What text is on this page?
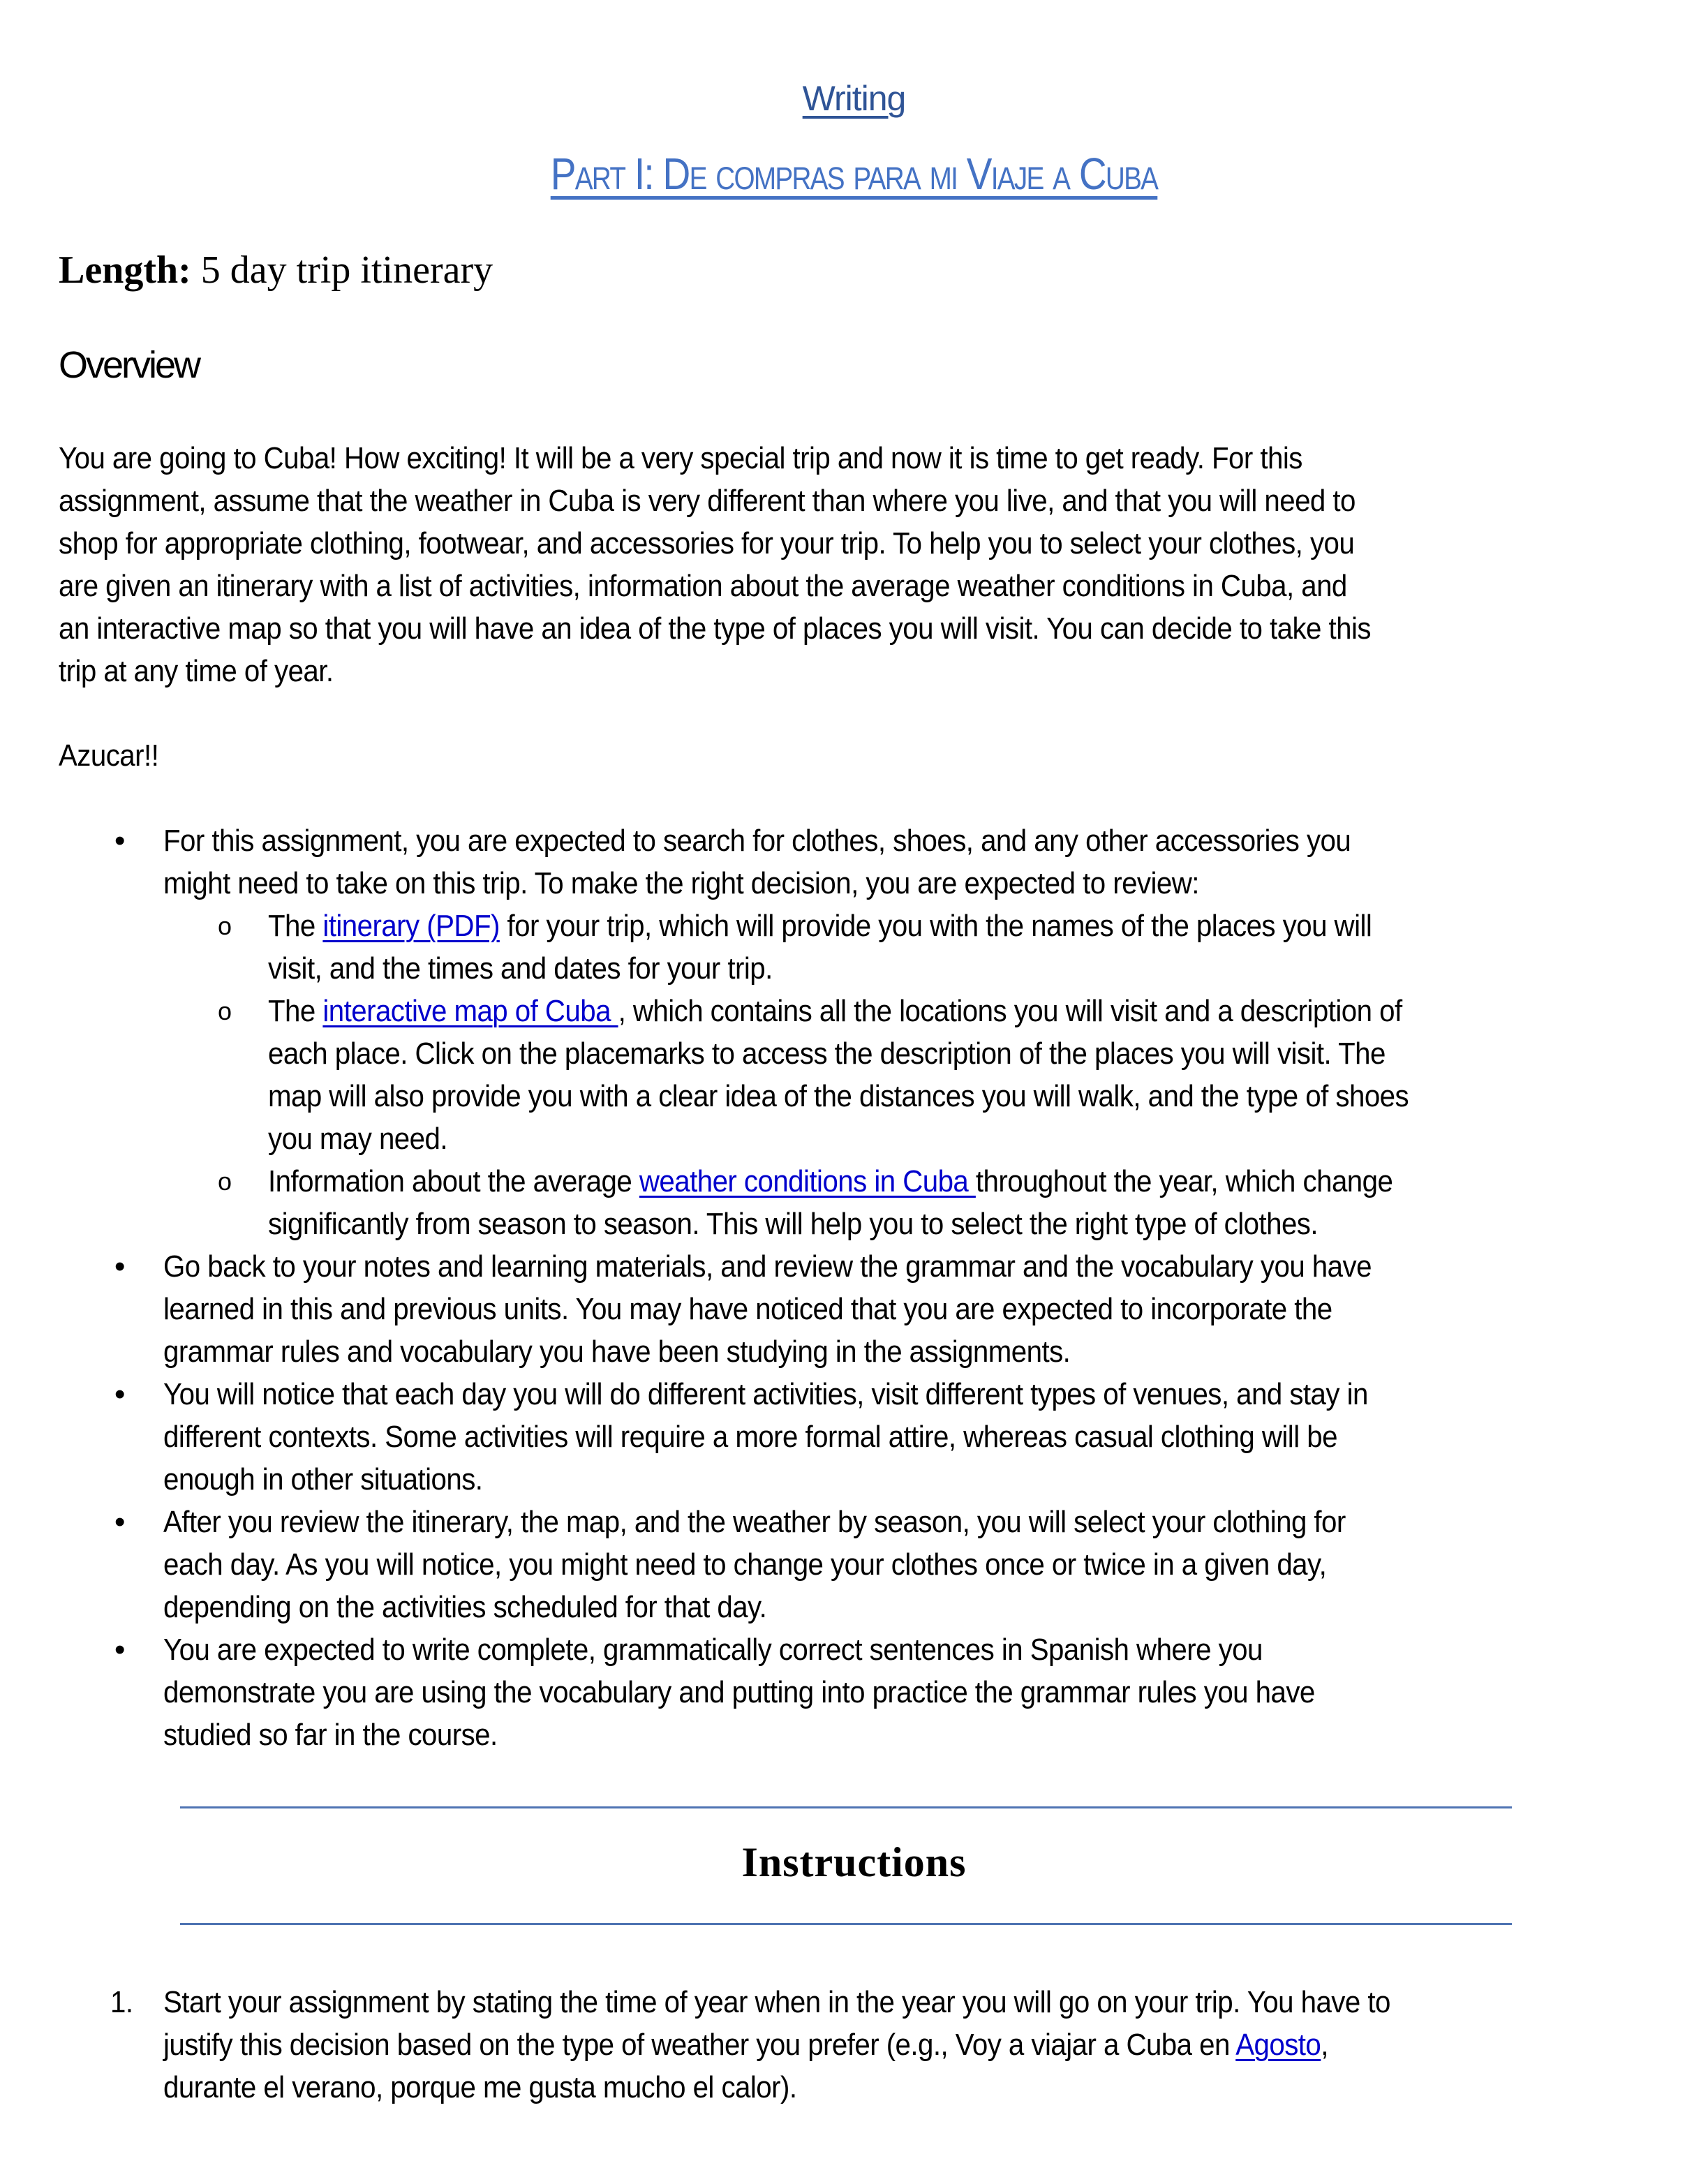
Writing
Part I: De compras para mi Viaje a Cuba
Length: 5 day trip itinerary
Overview
You are going to Cuba! How exciting! It will be a very special trip and now it is time to get ready. For this
assignment, assume that the weather in Cuba is very different than where you live, and that you will need to
shop for appropriate clothing, footwear, and accessories for your trip. To help you to select your clothes, you
are given an itinerary with a list of activities, information about the average weather conditions in Cuba, and
an interactive map so that you will have an idea of the type of places you will visit. You can decide to take this
trip at any time of year.
Azucar!!
• For this assignment, you are expected to search for clothes, shoes, and any other accessories you
might need to take on this trip. To make the right decision, you are expected to review:
o The itinerary (PDF) for your trip, which will provide you with the names of the places you will
visit, and the times and dates for your trip.
o The interactive map of Cuba , which contains all the locations you will visit and a description of
each place. Click on the placemarks to access the description of the places you will visit. The
map will also provide you with a clear idea of the distances you will walk, and the type of shoes
you may need.
o Information about the average weather conditions in Cuba throughout the year, which change
significantly from season to season. This will help you to select the right type of clothes.
• Go back to your notes and learning materials, and review the grammar and the vocabulary you have
learned in this and previous units. You may have noticed that you are expected to incorporate the
grammar rules and vocabulary you have been studying in the assignments.
• You will notice that each day you will do different activities, visit different types of venues, and stay in
different contexts. Some activities will require a more formal attire, whereas casual clothing will be
enough in other situations.
• After you review the itinerary, the map, and the weather by season, you will select your clothing for
each day. As you will notice, you might need to change your clothes once or twice in a given day,
depending on the activities scheduled for that day.
• You are expected to write complete, grammatically correct sentences in Spanish where you
demonstrate you are using the vocabulary and putting into practice the grammar rules you have
studied so far in the course.
Instructions
1. Start your assignment by stating the time of year when in the year you will go on your trip. You have to
justify this decision based on the type of weather you prefer (e.g., Voy a viajar a Cuba en Agosto,
durante el verano, porque me gusta mucho el calor).
